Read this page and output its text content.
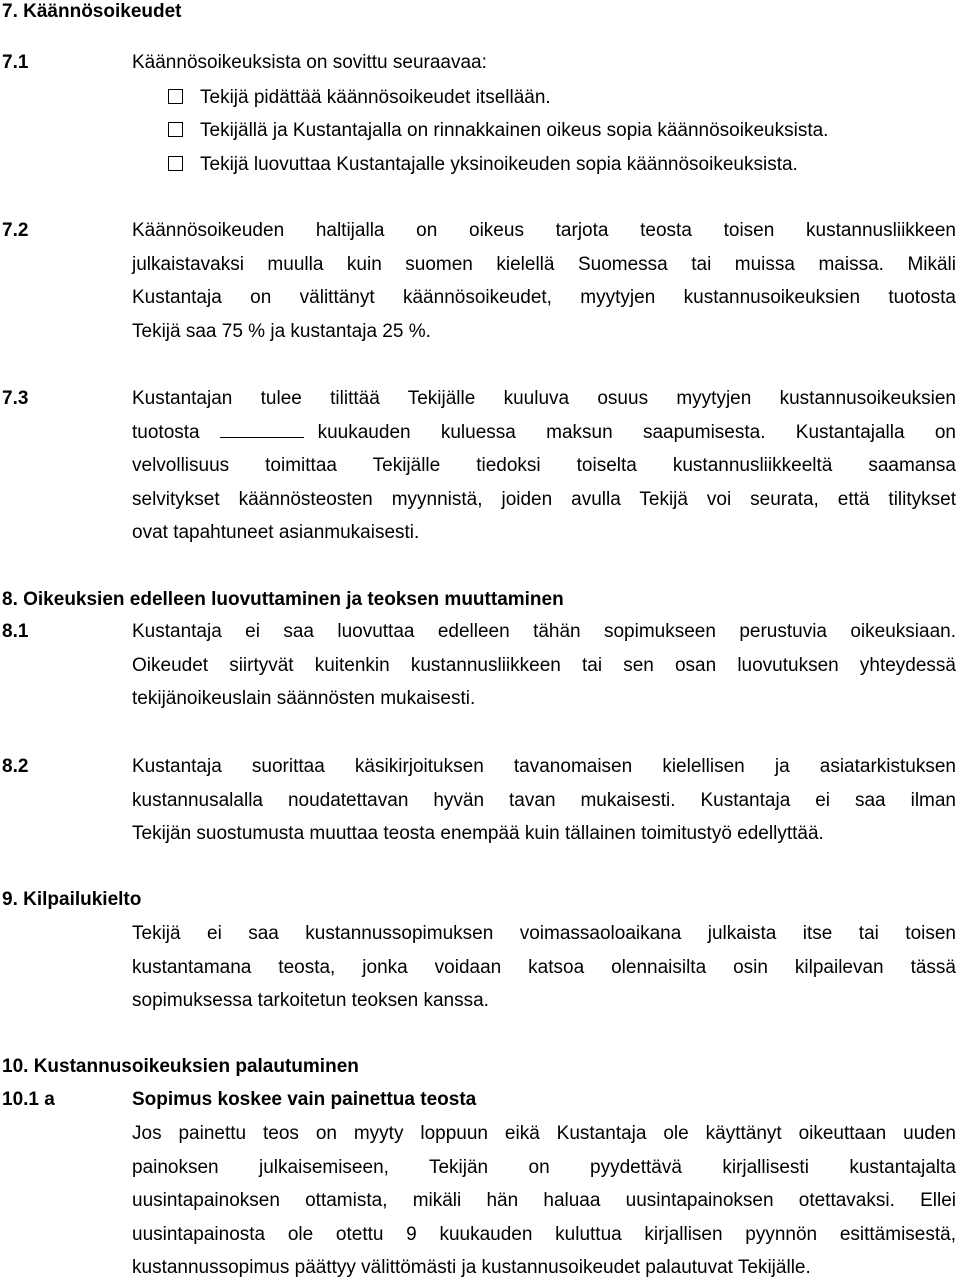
7. Käännösoikeudet
7.1	Käännösoikeuksista on sovittu seuraavaa:
Tekijä pidättää käännösoikeudet itsellään.
Tekijällä ja Kustantajalla on rinnakkainen oikeus sopia käännösoikeuksista.
Tekijä luovuttaa Kustantajalle yksinoikeuden sopia käännösoikeuksista.
7.2	Käännösoikeuden haltijalla on oikeus tarjota teosta toisen kustannusliikkeen
julkaistavaksi muulla kuin suomen kielellä Suomessa tai muissa maissa. Mikäli
Kustantaja on välittänyt käännösoikeudet, myytyjen kustannusoikeuksien tuotosta
Tekijä saa 75 % ja kustantaja 25 %.
7.3	Kustantajan tulee tilittää Tekijälle kuuluva osuus myytyjen kustannusoikeuksien
tuotosta	kuukauden kuluessa maksun saapumisesta. Kustantajalla on
velvollisuus toimittaa Tekijälle tiedoksi toiselta kustannusliikkeeltä saamansa
selvitykset käännösteosten myynnistä, joiden avulla Tekijä voi seurata, että tilitykset
ovat tapahtuneet asianmukaisesti.
8. Oikeuksien edelleen luovuttaminen ja teoksen muuttaminen
8.1	Kustantaja ei saa luovuttaa edelleen tähän sopimukseen perustuvia oikeuksiaan.
Oikeudet siirtyvät kuitenkin kustannusliikkeen tai sen osan luovutuksen yhteydessä
tekijänoikeuslain säännösten mukaisesti.
8.2	Kustantaja suorittaa käsikirjoituksen tavanomaisen kielellisen ja asiatarkistuksen
kustannusalalla noudatettavan hyvän tavan mukaisesti. Kustantaja ei saa ilman
Tekijän suostumusta muuttaa teosta enempää kuin tällainen toimitustyö edellyttää.
9. Kilpailukielto
Tekijä ei saa kustannussopimuksen voimassaoloaikana julkaista itse tai toisen
kustantamana teosta, jonka voidaan katsoa olennaisilta osin kilpailevan tässä
sopimuksessa tarkoitetun teoksen kanssa.
10. Kustannusoikeuksien palautuminen
10.1 a	Sopimus koskee vain painettua teosta
Jos painettu teos on myyty loppuun eikä Kustantaja ole käyttänyt oikeuttaan uuden
painoksen julkaisemiseen, Tekijän on pyydettävä kirjallisesti kustantajalta
uusintapainoksen ottamista, mikäli hän haluaa uusintapainoksen otettavaksi. Ellei
uusintapainosta ole otettu 9 kuukauden kuluttua kirjallisen pyynnön esittämisestä,
kustannussopimus päättyy välittömästi ja kustannusoikeudet palautuvat Tekijälle.
